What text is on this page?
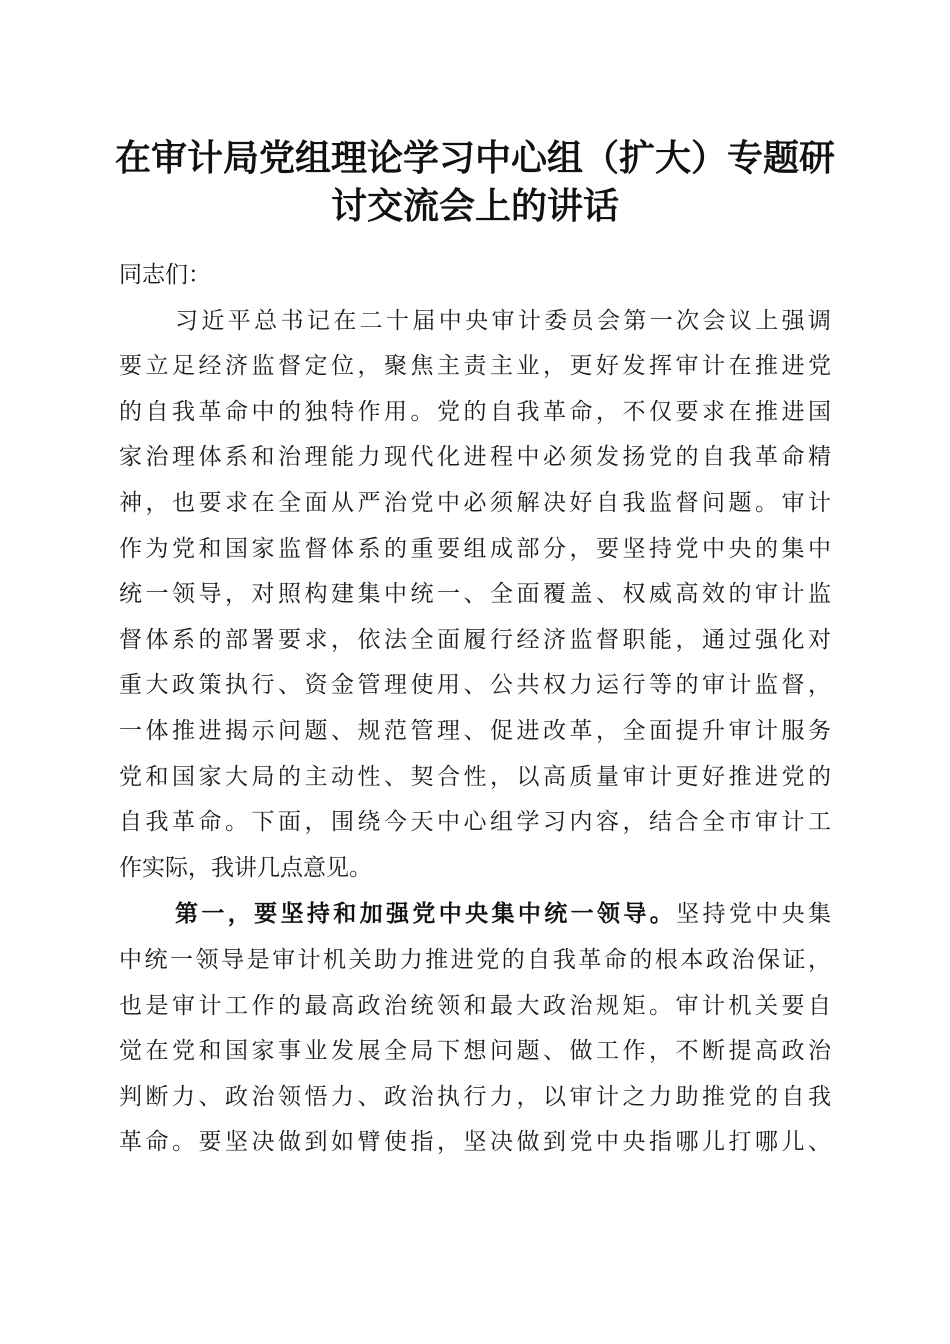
在审计局党组理论学习中心组（扩大）专题研
讨交流会上的讲话

同志们：

习近平总书记在二十届中央审计委员会第一次会议上强调
要立足经济监督定位，聚焦主责主业，更好发挥审计在推进党
的自我革命中的独特作用。党的自我革命，不仅要求在推进国
家治理体系和治理能力现代化进程中必须发扬党的自我革命精
神，也要求在全面从严治党中必须解决好自我监督问题。审计
作为党和国家监督体系的重要组成部分，要坚持党中央的集中
统一领导，对照构建集中统一、全面覆盖、权威高效的审计监
督体系的部署要求，依法全面履行经济监督职能，通过强化对
重大政策执行、资金管理使用、公共权力运行等的审计监督，
一体推进揭示问题、规范管理、促进改革，全面提升审计服务
党和国家大局的主动性、契合性，以高质量审计更好推进党的
自我革命。下面，围绕今天中心组学习内容，结合全市审计工
作实际，我讲几点意见。
第一，要坚持和加强党中央集中统一领导。坚持党中央集
中统一领导是审计机关助力推进党的自我革命的根本政治保证，
也是审计工作的最高政治统领和最大政治规矩。审计机关要自
觉在党和国家事业发展全局下想问题、做工作，不断提高政治
判断力、政治领悟力、政治执行力，以审计之力助推党的自我
革命。要坚决做到如臂使指，坚决做到党中央指哪儿打哪儿、
